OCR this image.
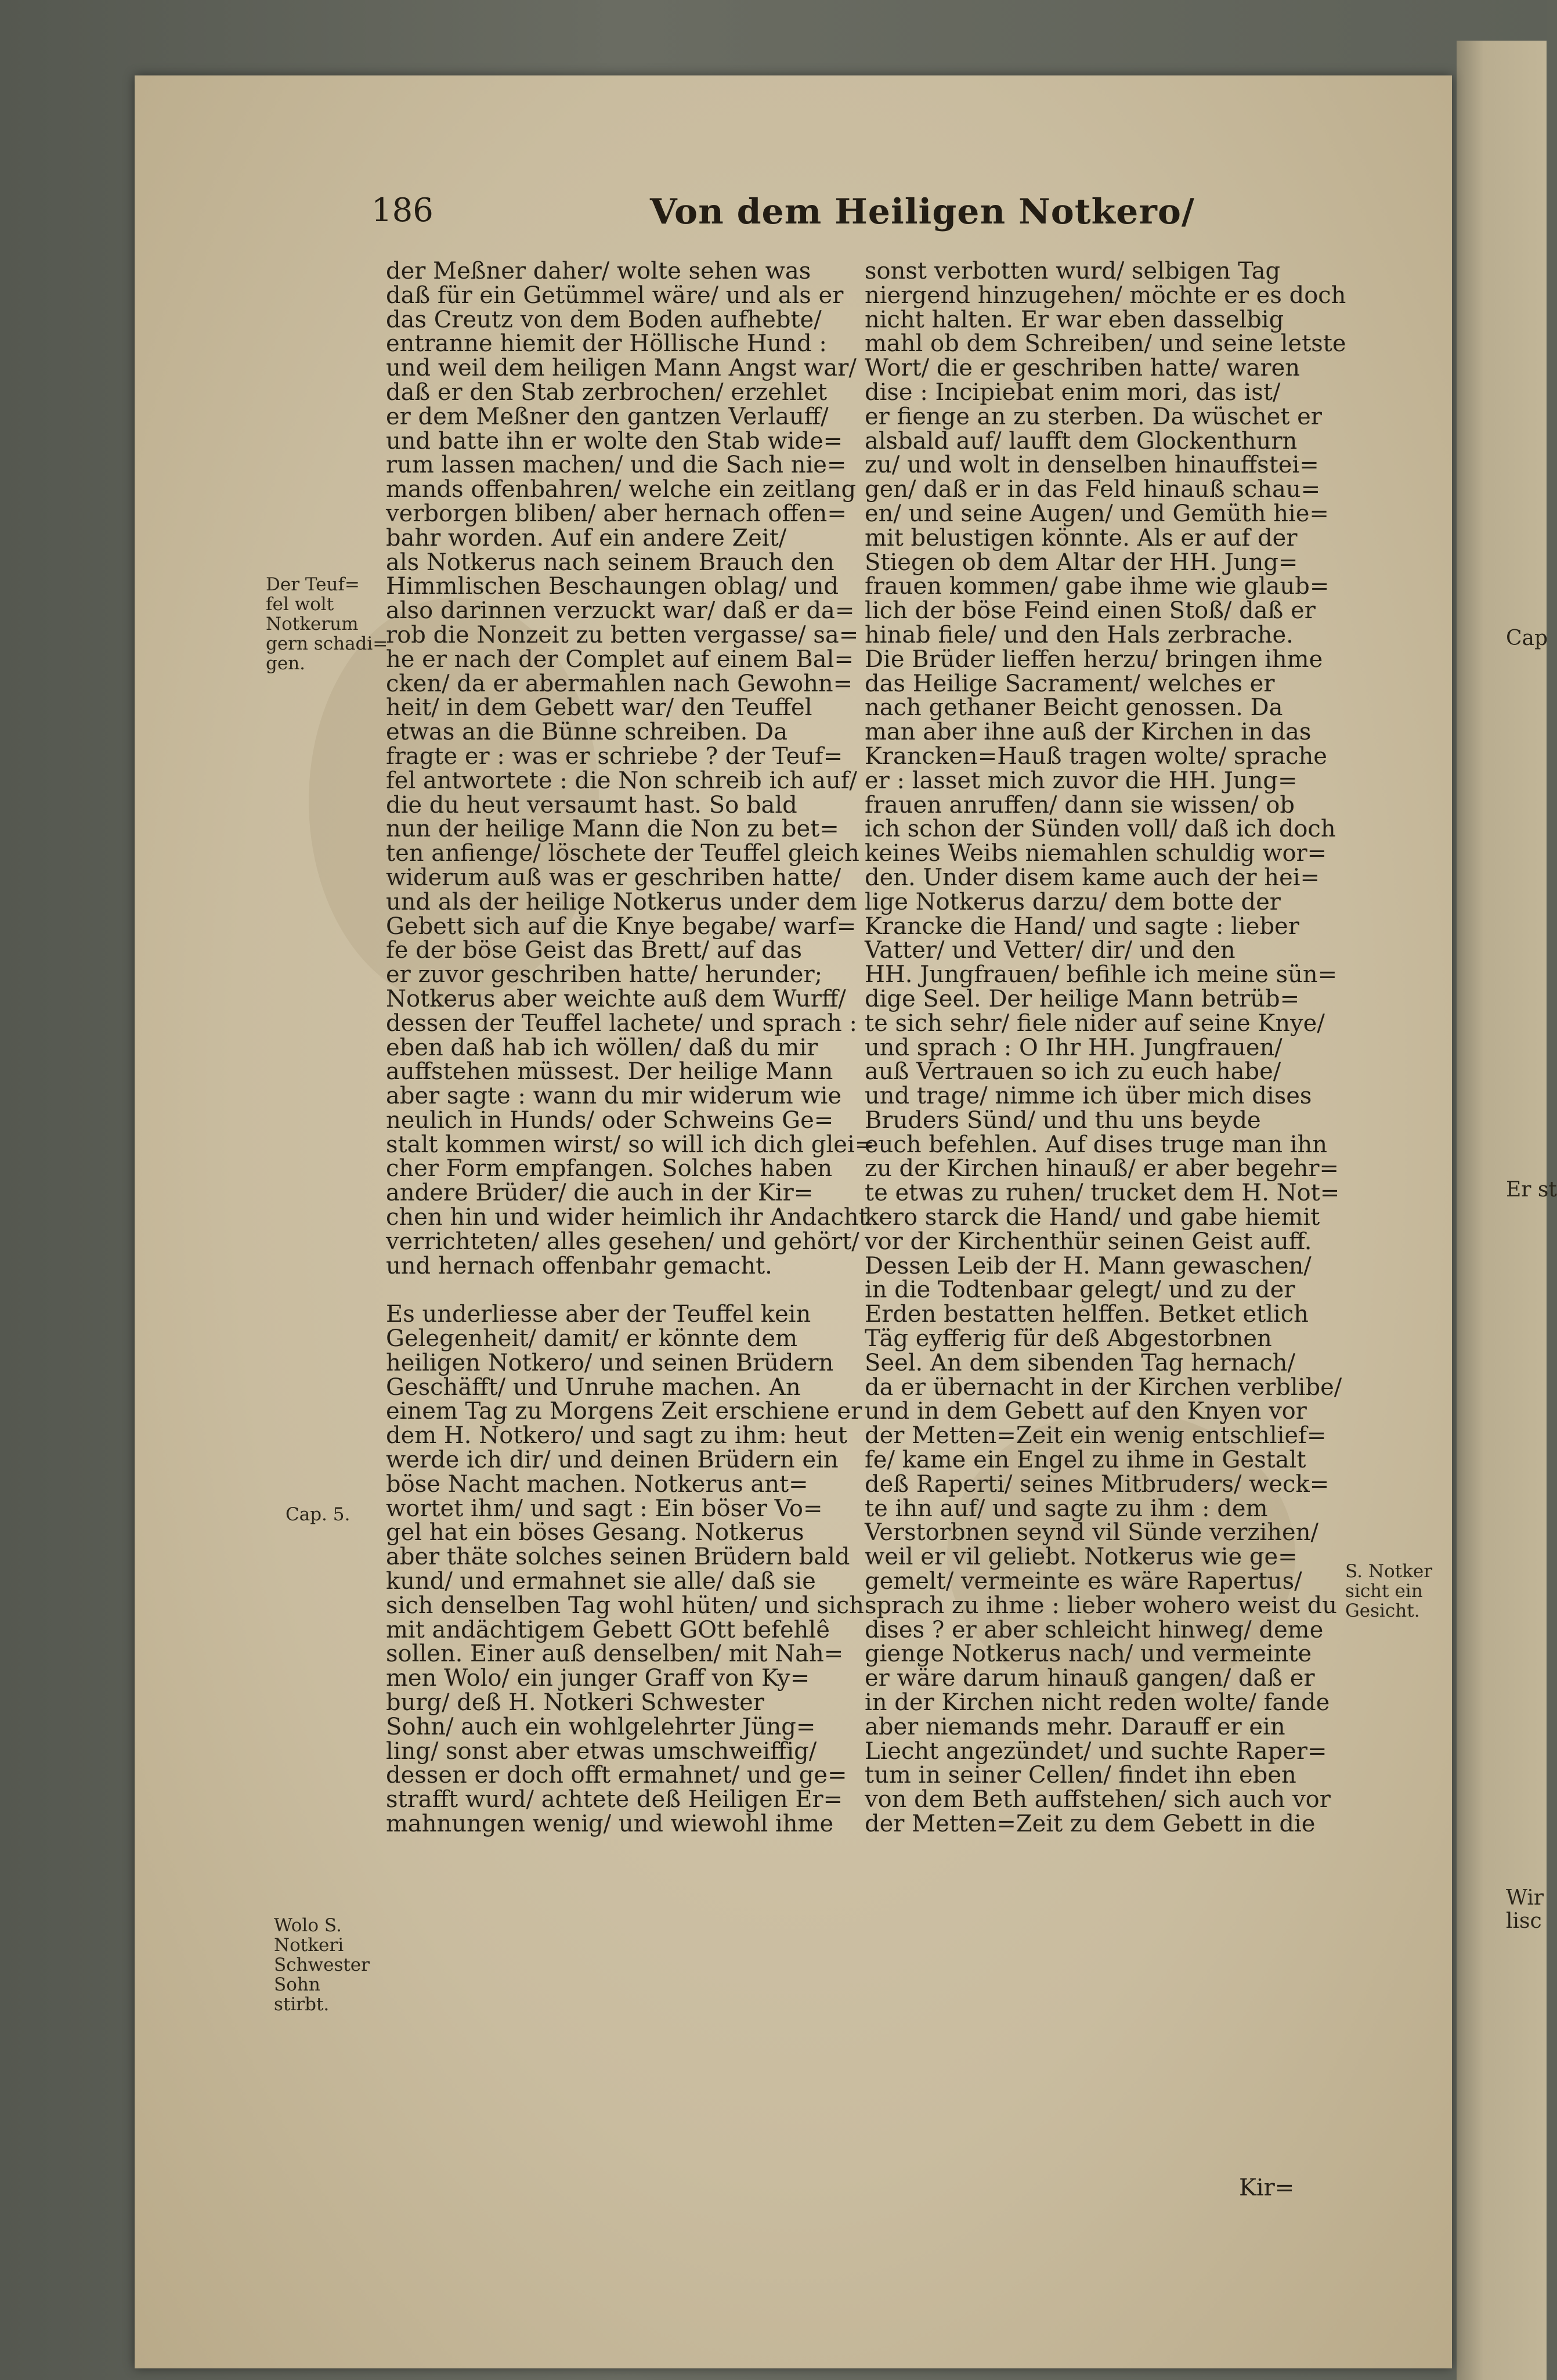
Cap
Er st
Wir
lisc
186	Von dem Heiligen Notkero/
der Meßner daher/ wolte sehen was
daß für ein Getümmel wäre/ und als er
das Creutz von dem Boden aufhebte/
entranne hiemit der Höllische Hund :
und weil dem heiligen Mann Angst war/
daß er den Stab zerbrochen/ erzehlet
er dem Meßner den gantzen Verlauff/
und batte ihn er wolte den Stab wide=
rum lassen machen/ und die Sach nie=
mands offenbahren/ welche ein zeitlang
verborgen bliben/ aber hernach offen=
bahr worden. Auf ein andere Zeit/
als Notkerus nach seinem Brauch den
Himmlischen Beschaungen oblag/ und
also darinnen verzuckt war/ daß er da=
rob die Nonzeit zu betten vergasse/ sa=
he er nach der Complet auf einem Bal=
cken/ da er abermahlen nach Gewohn=
heit/ in dem Gebett war/ den Teuffel
etwas an die Bünne schreiben. Da
fragte er : was er schriebe ? der Teuf=
fel antwortete : die Non schreib ich auf/
die du heut versaumt hast. So bald
nun der heilige Mann die Non zu bet=
ten anfienge/ löschete der Teuffel gleich
widerum auß was er geschriben hatte/
und als der heilige Notkerus under dem
Gebett sich auf die Knye begabe/ warf=
fe der böse Geist das Brett/ auf das
er zuvor geschriben hatte/ herunder;
Notkerus aber weichte auß dem Wurff/
dessen der Teuffel lachete/ und sprach :
eben daß hab ich wöllen/ daß du mir
auffstehen müssest. Der heilige Mann
aber sagte : wann du mir widerum wie
neulich in Hunds/ oder Schweins Ge=
stalt kommen wirst/ so will ich dich glei=
cher Form empfangen. Solches haben
andere Brüder/ die auch in der Kir=
chen hin und wider heimlich ihr Andacht
verrichteten/ alles gesehen/ und gehört/
und hernach offenbahr gemacht.
Es underliesse aber der Teuffel kein
Gelegenheit/ damit/ er könnte dem
heiligen Notkero/ und seinen Brüdern
Geschäfft/ und Unruhe machen. An
einem Tag zu Morgens Zeit erschiene er
dem H. Notkero/ und sagt zu ihm: heut
werde ich dir/ und deinen Brüdern ein
böse Nacht machen. Notkerus ant=
wortet ihm/ und sagt : Ein böser Vo=
gel hat ein böses Gesang. Notkerus
aber thäte solches seinen Brüdern bald
kund/ und ermahnet sie alle/ daß sie
sich denselben Tag wohl hüten/ und sich
mit andächtigem Gebett GOtt befehlê
sollen. Einer auß denselben/ mit Nah=
men Wolo/ ein junger Graff von Ky=
burg/ deß H. Notkeri Schwester
Sohn/ auch ein wohlgelehrter Jüng=
ling/ sonst aber etwas umschweiffig/
dessen er doch offt ermahnet/ und ge=
strafft wurd/ achtete deß Heiligen Er=
mahnungen wenig/ und wiewohl ihme
sonst verbotten wurd/ selbigen Tag
niergend hinzugehen/ möchte er es doch
nicht halten. Er war eben dasselbig
mahl ob dem Schreiben/ und seine letste
Wort/ die er geschriben hatte/ waren
dise : Incipiebat enim mori, das ist/
er fienge an zu sterben. Da wüschet er
alsbald auf/ laufft dem Glockenthurn
zu/ und wolt in denselben hinauffstei=
gen/ daß er in das Feld hinauß schau=
en/ und seine Augen/ und Gemüth hie=
mit belustigen könnte. Als er auf der
Stiegen ob dem Altar der HH. Jung=
frauen kommen/ gabe ihme wie glaub=
lich der böse Feind einen Stoß/ daß er
hinab fiele/ und den Hals zerbrache.
Die Brüder lieffen herzu/ bringen ihme
das Heilige Sacrament/ welches er
nach gethaner Beicht genossen. Da
man aber ihne auß der Kirchen in das
Krancken=Hauß tragen wolte/ sprache
er : lasset mich zuvor die HH. Jung=
frauen anruffen/ dann sie wissen/ ob
ich schon der Sünden voll/ daß ich doch
keines Weibs niemahlen schuldig wor=
den. Under disem kame auch der hei=
lige Notkerus darzu/ dem botte der
Krancke die Hand/ und sagte : lieber
Vatter/ und Vetter/ dir/ und den
HH. Jungfrauen/ befihle ich meine sün=
dige Seel. Der heilige Mann betrüb=
te sich sehr/ fiele nider auf seine Knye/
und sprach : O Ihr HH. Jungfrauen/
auß Vertrauen so ich zu euch habe/
und trage/ nimme ich über mich dises
Bruders Sünd/ und thu uns beyde
euch befehlen. Auf dises truge man ihn
zu der Kirchen hinauß/ er aber begehr=
te etwas zu ruhen/ trucket dem H. Not=
kero starck die Hand/ und gabe hiemit
vor der Kirchenthür seinen Geist auff.
Dessen Leib der H. Mann gewaschen/
in die Todtenbaar gelegt/ und zu der
Erden bestatten helffen. Betket etlich
Täg eyfferig für deß Abgestorbnen
Seel. An dem sibenden Tag hernach/
da er übernacht in der Kirchen verblibe/
und in dem Gebett auf den Knyen vor
der Metten=Zeit ein wenig entschlief=
fe/ kame ein Engel zu ihme in Gestalt
deß Raperti/ seines Mitbruders/ weck=
te ihn auf/ und sagte zu ihm : dem
Verstorbnen seynd vil Sünde verzihen/
weil er vil geliebt. Notkerus wie ge=
gemelt/ vermeinte es wäre Rapertus/
sprach zu ihme : lieber wohero weist du
dises ? er aber schleicht hinweg/ deme
gienge Notkerus nach/ und vermeinte
er wäre darum hinauß gangen/ daß er
in der Kirchen nicht reden wolte/ fande
aber niemands mehr. Darauff er ein
Liecht angezündet/ und suchte Raper=
tum in seiner Cellen/ findet ihn eben
von dem Beth auffstehen/ sich auch vor
der Metten=Zeit zu dem Gebett in die
Der Teuf=
fel wolt
Notkerum
gern schadi=
gen.
Cap. 5.
Wolo S.
Notkeri
Schwester
Sohn
stirbt.
S. Notker
sicht ein
Gesicht.
Kir=
